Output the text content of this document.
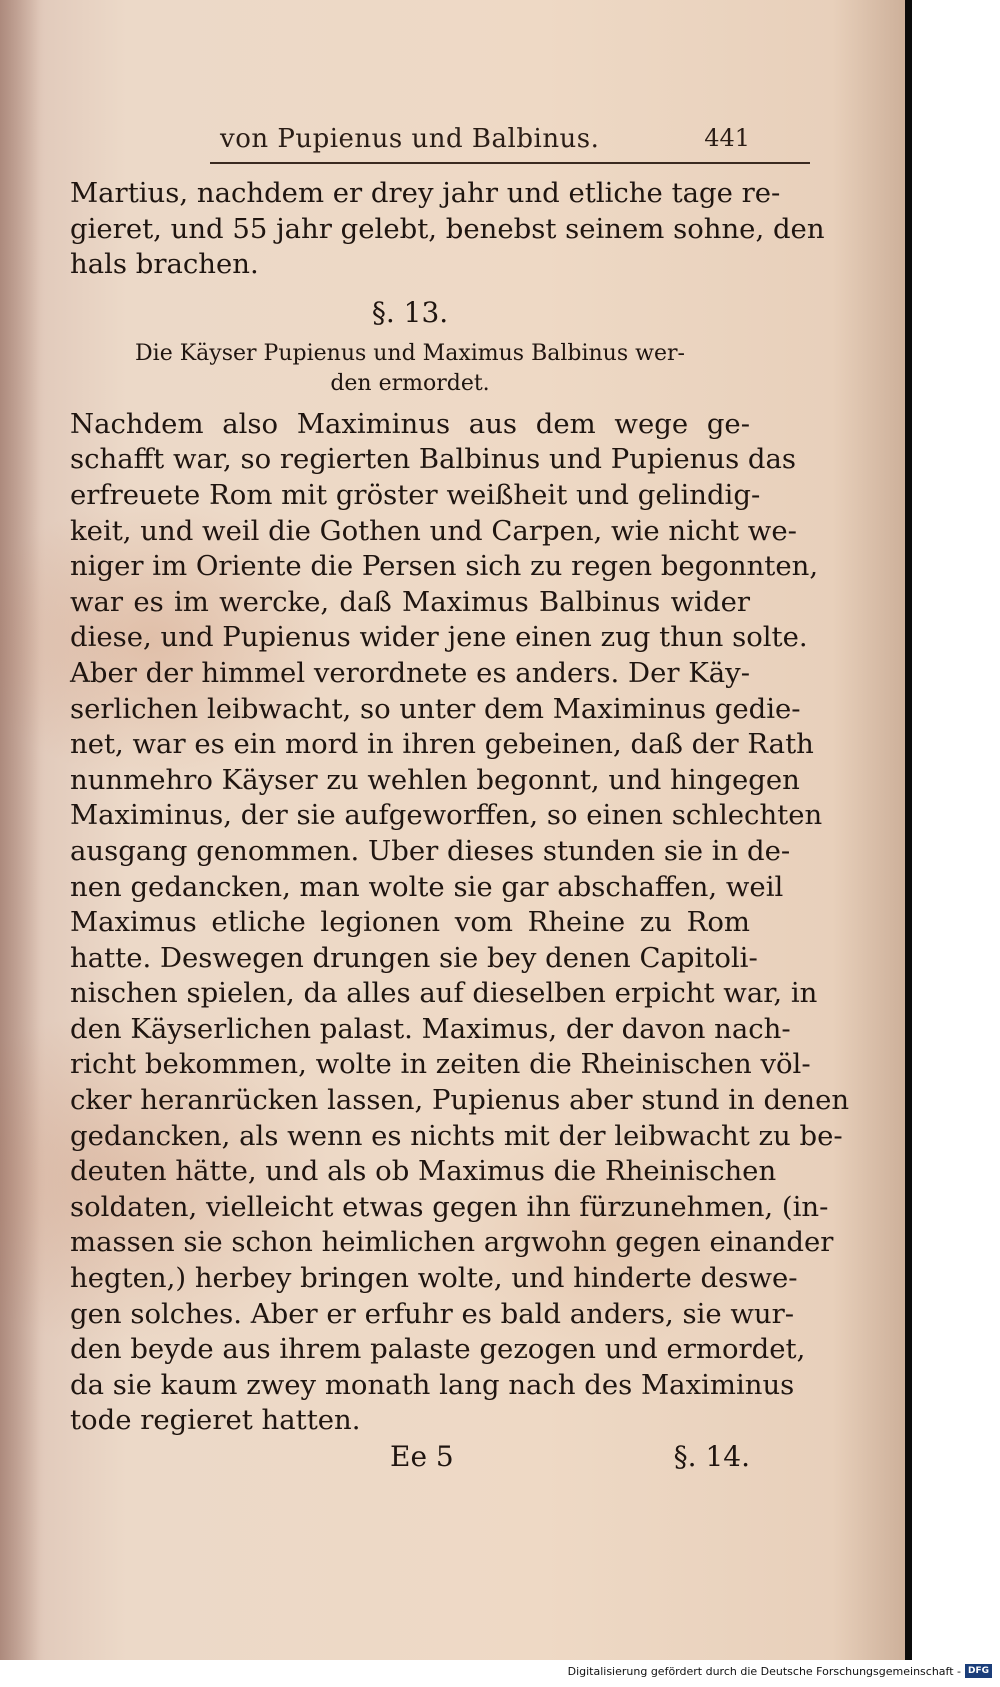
von Pupienus und Balbinus.	441
Martius, nachdem er drey jahr und etliche tage re-
gieret, und 55 jahr gelebt, benebst seinem sohne, den
hals brachen.
§. 13.
Die Käyser Pupienus und Maximus Balbinus wer-
den ermordet.
Nachdem also Maximinus aus dem wege ge-
schafft war, so regierten Balbinus und Pupienus das
erfreuete Rom mit gröster weißheit und gelindig-
keit, und weil die Gothen und Carpen, wie nicht we-
niger im Oriente die Persen sich zu regen begonnten,
war es im wercke, daß Maximus Balbinus wider
diese, und Pupienus wider jene einen zug thun solte.
Aber der himmel verordnete es anders. Der Käy-
serlichen leibwacht, so unter dem Maximinus gedie-
net, war es ein mord in ihren gebeinen, daß der Rath
nunmehro Käyser zu wehlen begonnt, und hingegen
Maximinus, der sie aufgeworffen, so einen schlechten
ausgang genommen. Uber dieses stunden sie in de-
nen gedancken, man wolte sie gar abschaffen, weil
Maximus etliche legionen vom Rheine zu Rom
hatte. Deswegen drungen sie bey denen Capitoli-
nischen spielen, da alles auf dieselben erpicht war, in
den Käyserlichen palast. Maximus, der davon nach-
richt bekommen, wolte in zeiten die Rheinischen völ-
cker heranrücken lassen, Pupienus aber stund in denen
gedancken, als wenn es nichts mit der leibwacht zu be-
deuten hätte, und als ob Maximus die Rheinischen
soldaten, vielleicht etwas gegen ihn fürzunehmen, (in-
massen sie schon heimlichen argwohn gegen einander
hegten,) herbey bringen wolte, und hinderte deswe-
gen solches. Aber er erfuhr es bald anders, sie wur-
den beyde aus ihrem palaste gezogen und ermordet,
da sie kaum zwey monath lang nach des Maximinus
tode regieret hatten.
Ee 5	§. 14.
Digitalisierung gefördert durch die Deutsche Forschungsgemeinschaft - DFG
